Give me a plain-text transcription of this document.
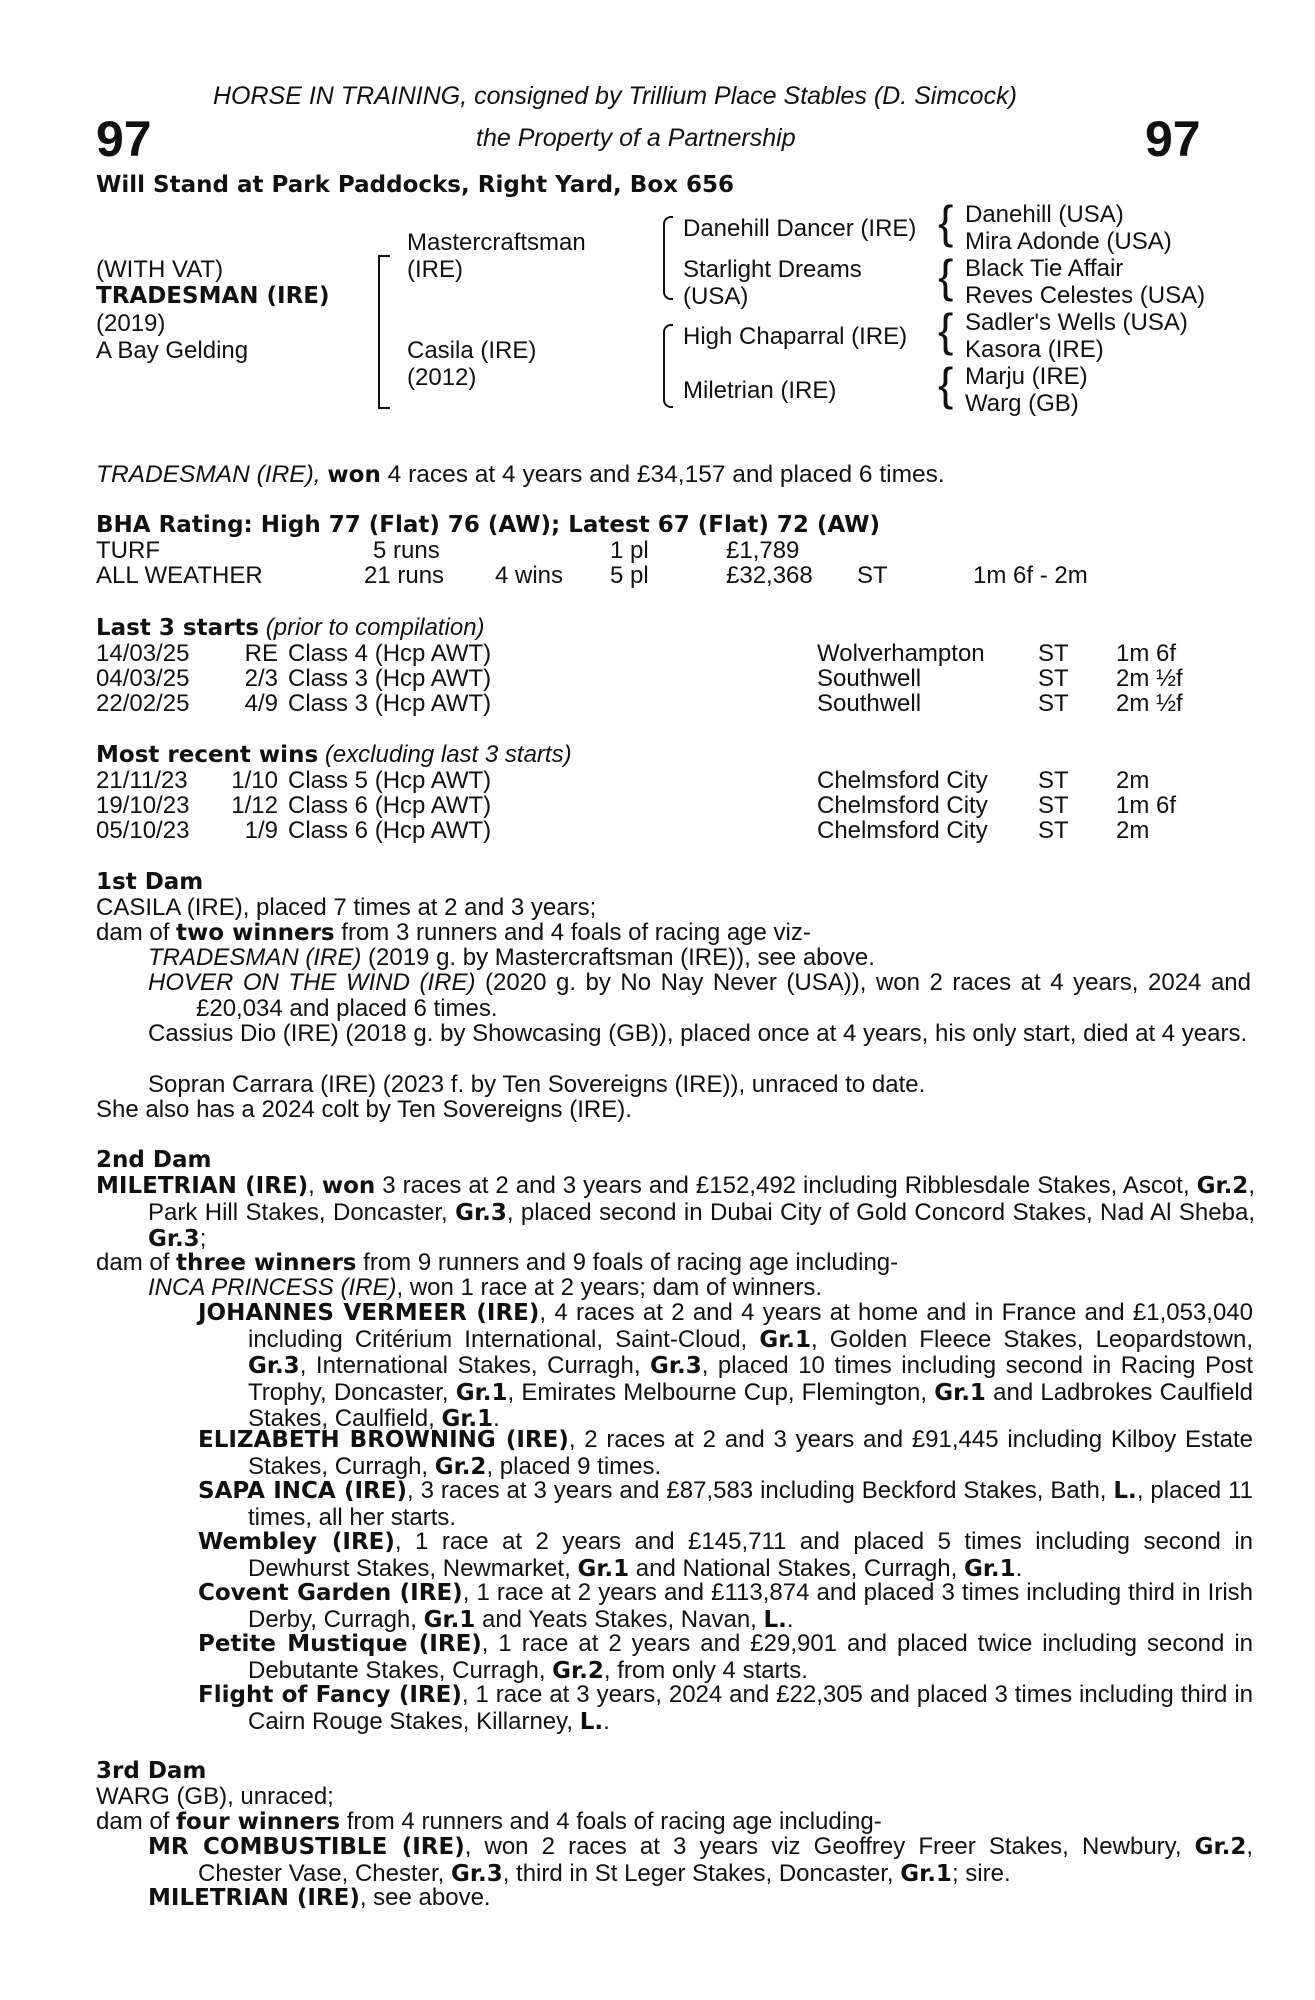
HORSE IN TRAINING, consigned by Trillium Place Stables (D. Simcock)
the Property of a Partnership
97	97
Will Stand at Park Paddocks, Right Yard, Box 656
(WITH VAT)
TRADESMAN (IRE)
(2019)
A Bay Gelding
Mastercraftsman
(IRE)
Casila (IRE)
(2012)
Danehill Dancer (IRE)
Starlight Dreams
(USA)
High Chaparral (IRE)
Miletrian (IRE)
{
{
{
{
Danehill (USA)
Mira Adonde (USA)
Black Tie Affair
Reves Celestes (USA)
Sadler's Wells (USA)
Kasora (IRE)
Marju (IRE)
Warg (GB)
TRADESMAN (IRE), won 4 races at 4 years and £34,157 and placed 6 times.
BHA Rating: High 77 (Flat) 76 (AW); Latest 67 (Flat) 72 (AW)
TURF	5 runs	1 pl	£1,789
ALL WEATHER	21 runs 4 wins 5 pl	£32,368 ST	1m 6f - 2m
Last 3 starts (prior to compilation)
14/03/25	RE Class 4 (Hcp AWT)	Wolverhampton ST 1m 6f
04/03/25	2/3 Class 3 (Hcp AWT)	Southwell	ST 2m ½f
22/02/25	4/9 Class 3 (Hcp AWT)	Southwell	ST 2m ½f
Most recent wins (excluding last 3 starts)
21/11/23	1/10 Class 5 (Hcp AWT)	Chelmsford City ST 2m
19/10/23	1/12 Class 6 (Hcp AWT)	Chelmsford City ST 1m 6f
05/10/23	1/9 Class 6 (Hcp AWT)	Chelmsford City ST 2m
1st Dam
CASILA (IRE), placed 7 times at 2 and 3 years;
dam of two winners from 3 runners and 4 foals of racing age viz-
TRADESMAN (IRE) (2019 g. by Mastercraftsman (IRE)), see above.
HOVER ON THE WIND (IRE) (2020 g. by No Nay Never (USA)), won 2 races at 4 years, 2024 and £20,034 and placed 6 times.
Cassius Dio (IRE) (2018 g. by Showcasing (GB)), placed once at 4 years, his only start, died at 4 years.
Sopran Carrara (IRE) (2023 f. by Ten Sovereigns (IRE)), unraced to date.
She also has a 2024 colt by Ten Sovereigns (IRE).
2nd Dam
MILETRIAN (IRE), won 3 races at 2 and 3 years and £152,492 including Ribblesdale Stakes, Ascot, Gr.2, Park Hill Stakes, Doncaster, Gr.3, placed second in Dubai City of Gold Concord Stakes, Nad Al Sheba, Gr.3;
dam of three winners from 9 runners and 9 foals of racing age including-
INCA PRINCESS (IRE), won 1 race at 2 years; dam of winners.
JOHANNES VERMEER (IRE), 4 races at 2 and 4 years at home and in France and £1,053,040 including Critérium International, Saint-Cloud, Gr.1, Golden Fleece Stakes, Leopardstown, Gr.3, International Stakes, Curragh, Gr.3, placed 10 times including second in Racing Post Trophy, Doncaster, Gr.1, Emirates Melbourne Cup, Flemington, Gr.1 and Ladbrokes Caulfield Stakes, Caulfield, Gr.1.
ELIZABETH BROWNING (IRE), 2 races at 2 and 3 years and £91,445 including Kilboy Estate Stakes, Curragh, Gr.2, placed 9 times.
SAPA INCA (IRE), 3 races at 3 years and £87,583 including Beckford Stakes, Bath, L., placed 11 times, all her starts.
Wembley (IRE), 1 race at 2 years and £145,711 and placed 5 times including second in Dewhurst Stakes, Newmarket, Gr.1 and National Stakes, Curragh, Gr.1.
Covent Garden (IRE), 1 race at 2 years and £113,874 and placed 3 times including third in Irish Derby, Curragh, Gr.1 and Yeats Stakes, Navan, L..
Petite Mustique (IRE), 1 race at 2 years and £29,901 and placed twice including second in Debutante Stakes, Curragh, Gr.2, from only 4 starts.
Flight of Fancy (IRE), 1 race at 3 years, 2024 and £22,305 and placed 3 times including third in Cairn Rouge Stakes, Killarney, L..
3rd Dam
WARG (GB), unraced;
dam of four winners from 4 runners and 4 foals of racing age including-
MR COMBUSTIBLE (IRE), won 2 races at 3 years viz Geoffrey Freer Stakes, Newbury, Gr.2, Chester Vase, Chester, Gr.3, third in St Leger Stakes, Doncaster, Gr.1; sire.
MILETRIAN (IRE), see above.
